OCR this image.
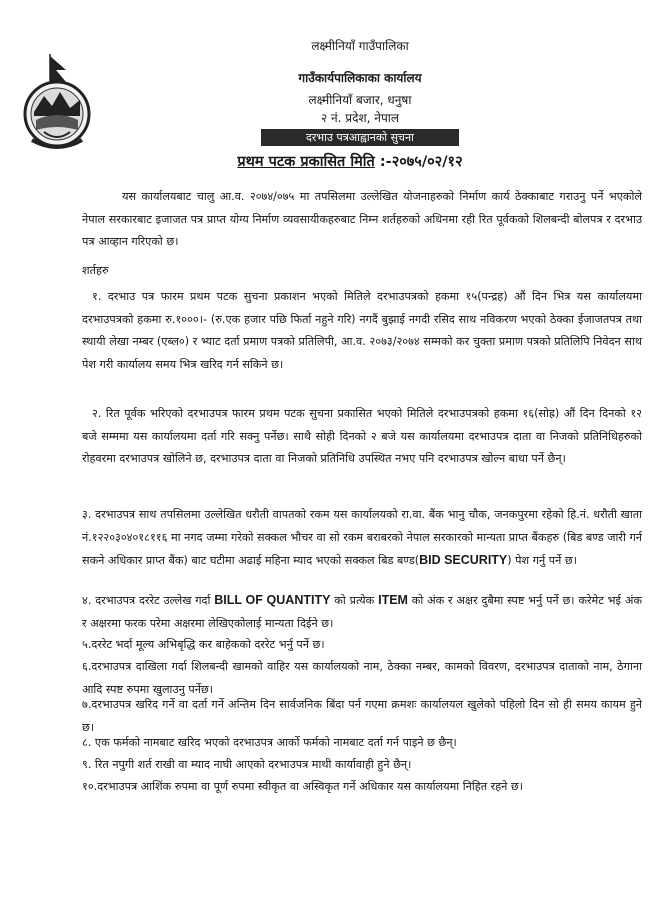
लक्ष्मीनियाँ गाउँपालिका
गाउँकार्यपालिकाका कार्यालय
लक्ष्मीनियाँ बजार, धनुषा
२ नं. प्रदेश, नेपाल
दरभाउ पत्रआह्वानको सुचना
प्रथम पटक प्रकासित मिति :-२०७५/०२/१२

यस कार्यालयबाट चालु आ.व. २०७४/०७५ मा तपसिलमा उल्लेखित योजनाहरुको निर्माण कार्य ठेक्काबाट गराउनु पर्ने भएकोले नेपाल सरकारबाट इजाजत पत्र प्राप्त योग्य निर्माण व्यवसायीकहरुबाट निम्न शर्तहरुको अधिनमा रही रित पूर्वकको शिलबन्दी बोलपत्र र दरभाउ पत्र आव्हान गरिएको छ।

शर्तहरु

१. दरभाउ पत्र फारम प्रथम पटक सुचना प्रकाशन भएको मितिले दरभाउपत्रको हकमा १५(पन्द्रह) औं दिन भित्र यस कार्यालयमा दरभाउपत्रको हकमा रु.१०००।- (रु.एक हजार पछि फिर्ता नहुने गरि) नगदैं बुझाई नगदी रसिद साथ नविकरण भएको ठेक्का ईजाजतपत्र तथा स्थायी लेखा नम्बर (एब्ल०) र भ्याट दर्ता प्रमाण पत्रको प्रतिलिपी, आ.व. २०७३/२०७४ सम्मको कर चुक्ता प्रमाण पत्रको प्रतिलिपि निवेदन साथ पेश गरी कार्यालय समय भित्र खरिद गर्न सकिने छ।

२. रित पूर्वक भरिएको दरभाउपत्र फारम प्रथम पटक सुचना प्रकासित भएको मितिले दरभाउपत्रको हकमा १६(सोह्र) औं दिन दिनको १२ बजे सम्ममा यस कार्यालयमा दर्ता गरि सक्नु पर्नेछ। साथै सोही दिनको २ बजे यस कार्यालयमा दरभाउपत्र दाता वा निजको प्रतिनिधिहरुको रोहवरमा दरभाउपत्र खोलिने छ, दरभाउपत्र दाता वा निजको प्रतिनिधि उपस्थित नभए पनि दरभाउपत्र खोल्न बाधा पर्ने छैन्।

३. दरभाउपत्र साथ तपसिलमा उल्लेखित धरौती वापतको रकम यस कार्यालयको रा.वा. बैंक भानु चौक, जनकपुरमा रहेको हि.नं. धरौती खाता नं.१२२०३०४०१८११६ मा नगद जम्मा गरेको सक्कल भौचर वा सो रकम बराबरको नेपाल सरकारको मान्यता प्राप्त बैंकहरु (बिड बण्ड जारी गर्न सकने अधिकार प्राप्त बैंक) बाट घटीमा अढाई महिना म्याद भएको सक्कल बिड बण्ड(BID SECURITY) पेश गर्नु पर्ने छ।

४. दरभाउपत्र दररेट उल्लेख गर्दा BILL OF QUANTITY को प्रत्येक ITEM को अंक र अक्षर दुबैमा स्पष्ट भर्नु पर्ने छ। करेमेट भई अंक र अक्षरमा फरक परेमा अक्षरमा लेखिएकोलाई मान्यता दिईने छ।

५.दररेट भर्दा मूल्य अभिबृद्धि कर बाहेकको दररेट भर्नु पर्ने छ।

६.दरभाउपत्र दाखिला गर्दा शिलबन्दी खामको वाहिर यस कार्यालयको नाम, ठेक्का नम्बर, कामको विवरण, दरभाउपत्र दाताको नाम, ठेगाना आदि स्पष्ट रुपमा खुलाउनु पर्नेछ।

७.दरभाउपत्र खरिद गर्ने वा दर्ता गर्ने अन्तिम दिन सार्वजनिक बिंदा पर्न गएमा क्रमशः कार्यालयल खुलेको पहिलो दिन सो ही समय कायम हुने छ।

८. एक फर्मको नामबाट खरिद भएको दरभाउपत्र आर्को फर्मको नामबाट दर्ता गर्न पाइने छ छैन्।

९. रित नपुगी शर्त राखी वा म्याद नाघी आएको दरभाउपत्र माथी कार्यावाही हुने छैन्।

१०.दरभाउपत्र आशिंक रुपमा वा पूर्ण रुपमा स्वीकृत वा अस्विकृत गर्ने अधिकार यस कार्यालयमा निहित रहने छ।
